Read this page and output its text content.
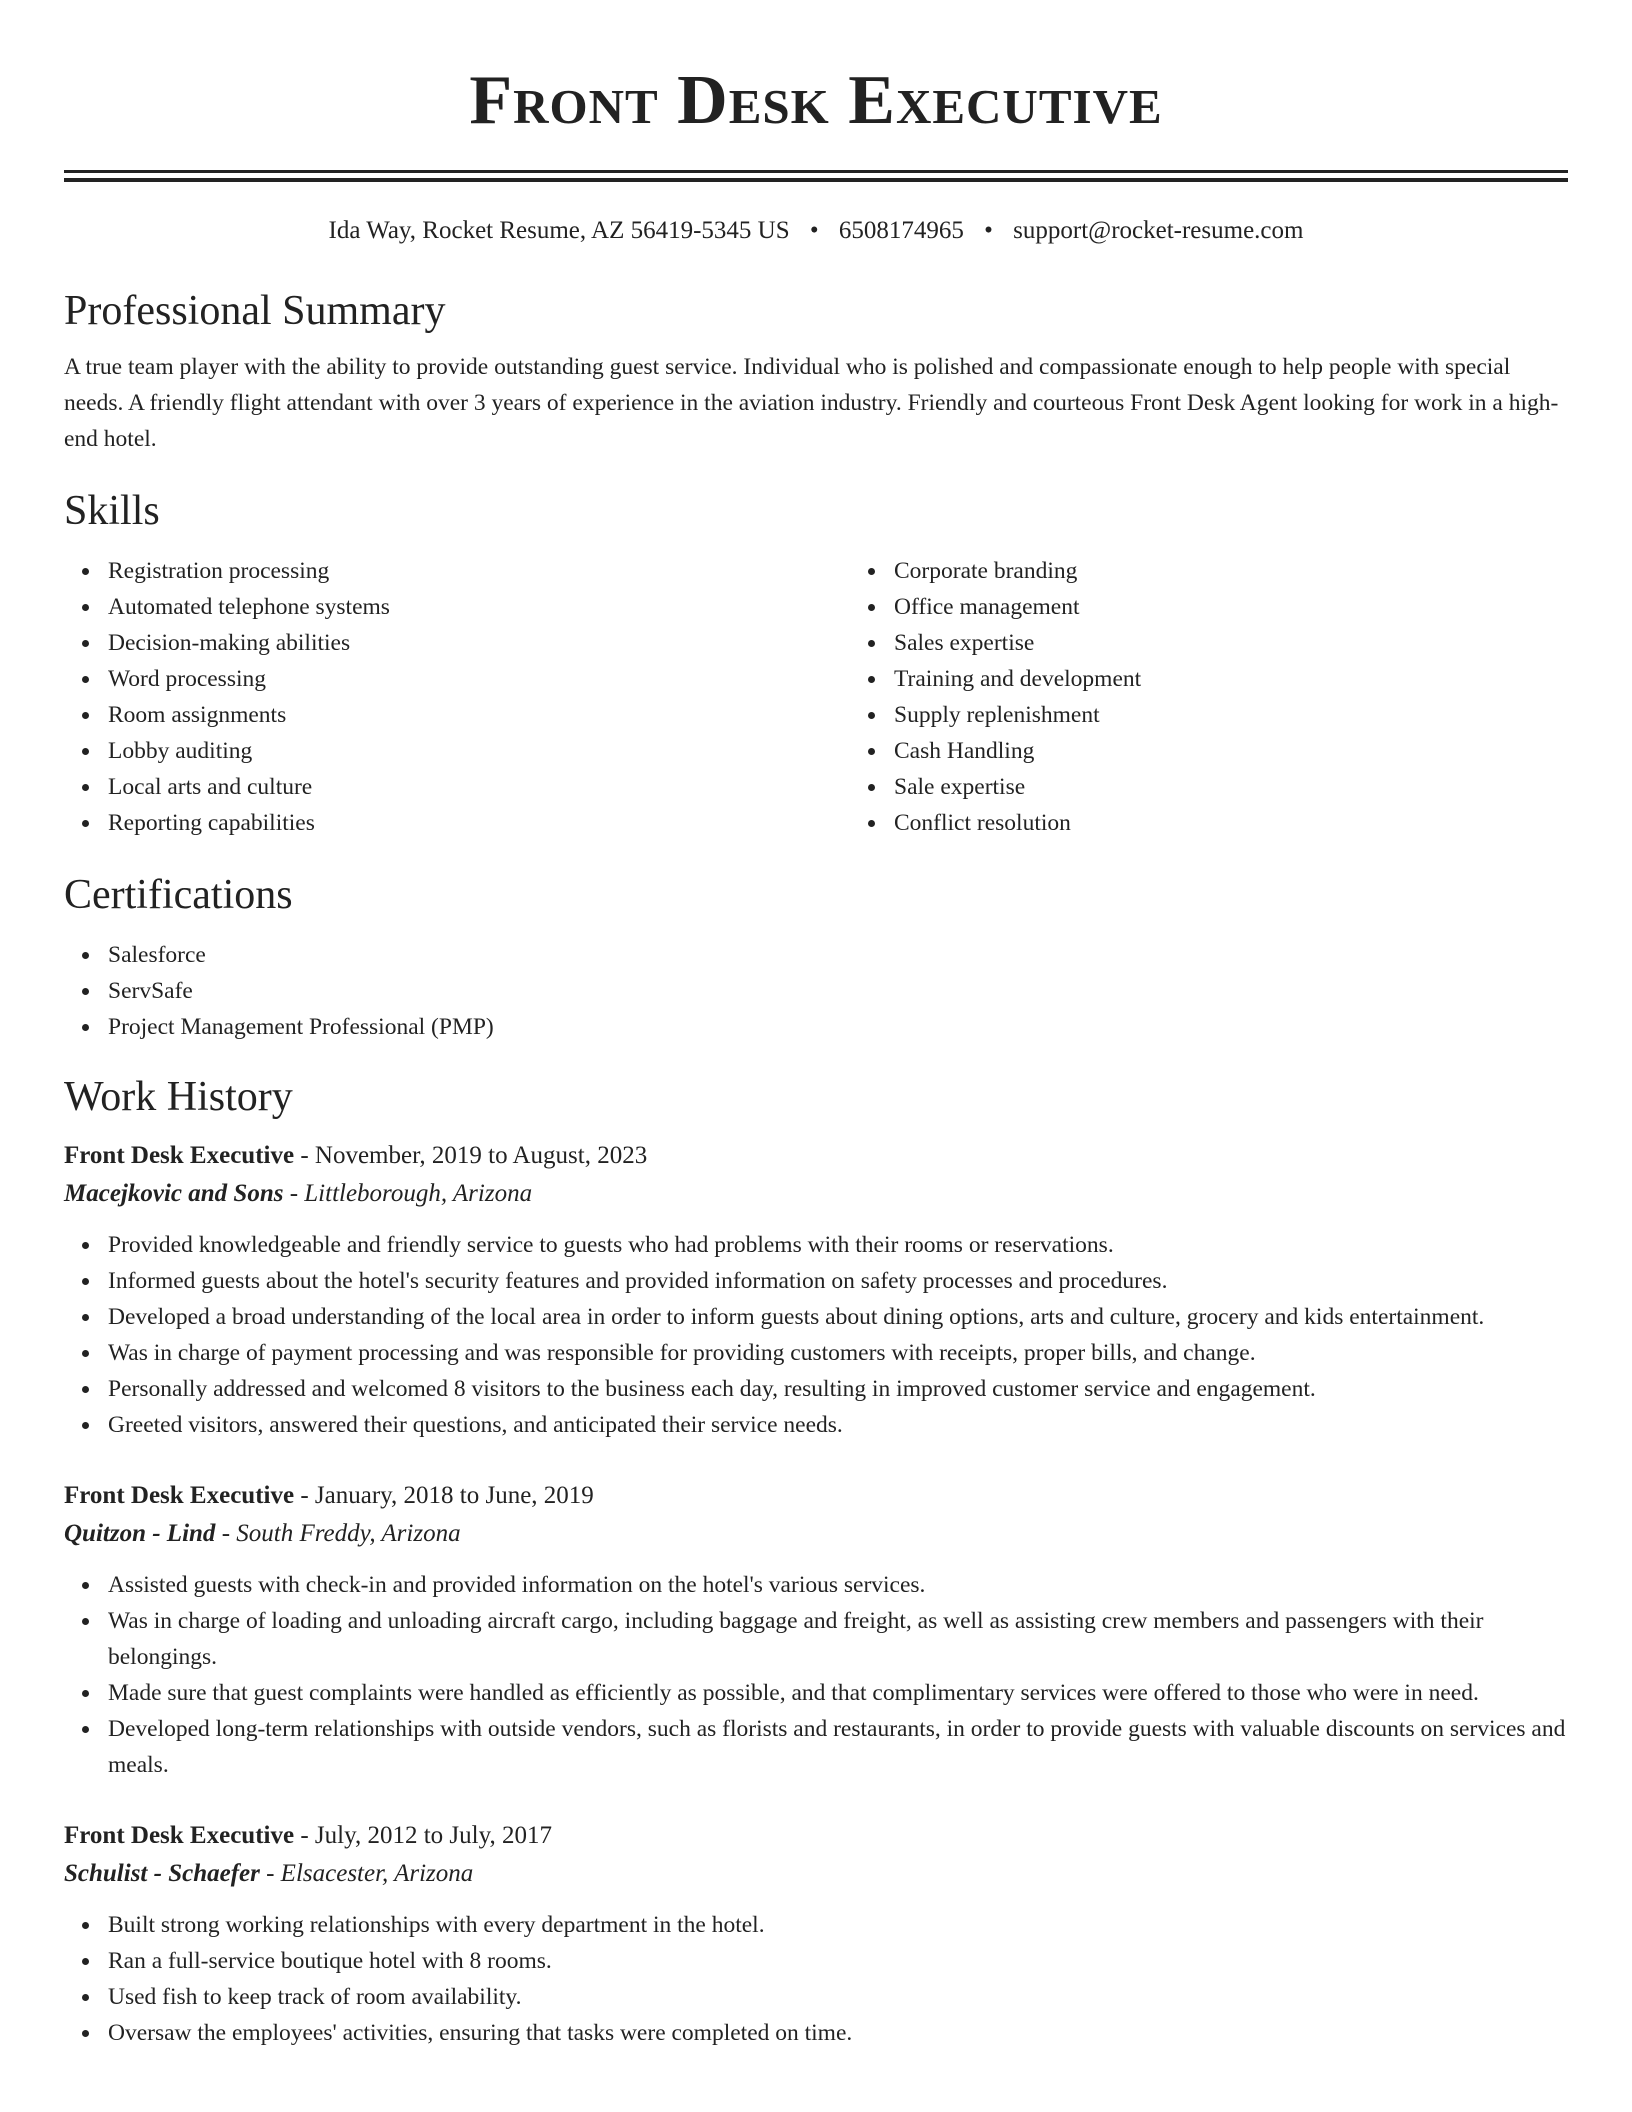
Front Desk Executive
Ida Way, Rocket Resume, AZ 56419-5345 US • 6508174965 • support@rocket-resume.com
Professional Summary

A true team player with the ability to provide outstanding guest service. Individual who is polished and compassionate enough to help people with special needs. A friendly flight attendant with over 3 years of experience in the aviation industry. Friendly and courteous Front Desk Agent looking for work in a high-end hotel.

Skills
Registration processing
Automated telephone systems
Decision-making abilities
Word processing
Room assignments
Lobby auditing
Local arts and culture
Reporting capabilities
Corporate branding
Office management
Sales expertise
Training and development
Supply replenishment
Cash Handling
Sale expertise
Conflict resolution
Certifications
Salesforce
ServSafe
Project Management Professional (PMP)
Work History
Front Desk Executive - November, 2019 to August, 2023
Macejkovic and Sons - Littleborough, Arizona
Provided knowledgeable and friendly service to guests who had problems with their rooms or reservations.
Informed guests about the hotel's security features and provided information on safety processes and procedures.
Developed a broad understanding of the local area in order to inform guests about dining options, arts and culture, grocery and kids entertainment.
Was in charge of payment processing and was responsible for providing customers with receipts, proper bills, and change.
Personally addressed and welcomed 8 visitors to the business each day, resulting in improved customer service and engagement.
Greeted visitors, answered their questions, and anticipated their service needs.
Front Desk Executive - January, 2018 to June, 2019
Quitzon - Lind - South Freddy, Arizona
Assisted guests with check-in and provided information on the hotel's various services.
Was in charge of loading and unloading aircraft cargo, including baggage and freight, as well as assisting crew members and passengers with their belongings.
Made sure that guest complaints were handled as efficiently as possible, and that complimentary services were offered to those who were in need.
Developed long-term relationships with outside vendors, such as florists and restaurants, in order to provide guests with valuable discounts on services and meals.
Front Desk Executive - July, 2012 to July, 2017
Schulist - Schaefer - Elsacester, Arizona
Built strong working relationships with every department in the hotel.
Ran a full-service boutique hotel with 8 rooms.
Used fish to keep track of room availability.
Oversaw the employees' activities, ensuring that tasks were completed on time.
